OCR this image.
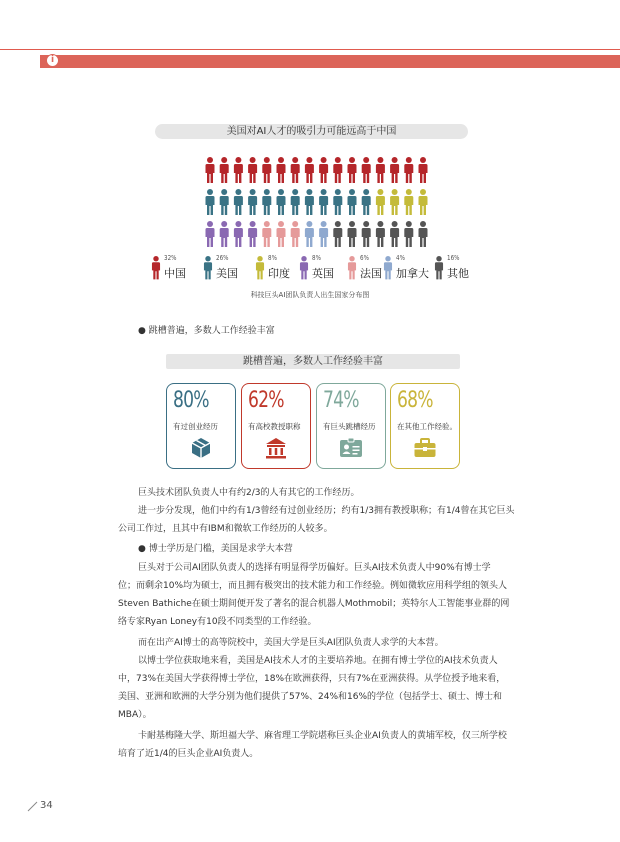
i
美国对AI人才的吸引力可能远高于中国
32%
中国
26%
美国
8%
印度
8%
英国
6%
法国
4%
加拿大
16%
其他
科技巨头AI团队负责人出生国家分布图
● 跳槽普遍，多数人工作经验丰富
跳槽普遍，多数人工作经验丰富
80%
有过创业经历
62%
有高校教授职称
74%
有巨头跳槽经历
68%
在其他工作经验。
巨头技术团队负责人中有约2/3的人有其它的工作经历。
进一步分发现，他们中约有1/3曾经有过创业经历；约有1/3拥有教授职称；有1/4曾在其它巨头
公司工作过，且其中有IBM和微软工作经历的人较多。
● 博士学历是门槛，美国是求学大本营
巨头对于公司AI团队负责人的选择有明显得学历偏好。巨头AI技术负责人中90%有博士学
位；而剩余10%均为硕士，而且拥有极突出的技术能力和工作经验。例如微软应用科学组的领头人
Steven Bathiche在硕士期间便开发了著名的混合机器人Mothmobil；英特尔人工智能事业群的网
络专家Ryan Loney有10段不同类型的工作经验。
而在出产AI博士的高等院校中，美国大学是巨头AI团队负责人求学的大本营。
以博士学位获取地来看，美国是AI技术人才的主要培养地。在拥有博士学位的AI技术负责人
中，73%在美国大学获得博士学位，18%在欧洲获得，只有7%在亚洲获得。从学位授予地来看，
美国、亚洲和欧洲的大学分别为他们提供了57%、24%和16%的学位（包括学士、硕士、博士和
MBA）。
卡耐基梅隆大学、斯坦福大学、麻省理工学院堪称巨头企业AI负责人的黄埔军校，仅三所学校
培育了近1/4的巨头企业AI负责人。
34
